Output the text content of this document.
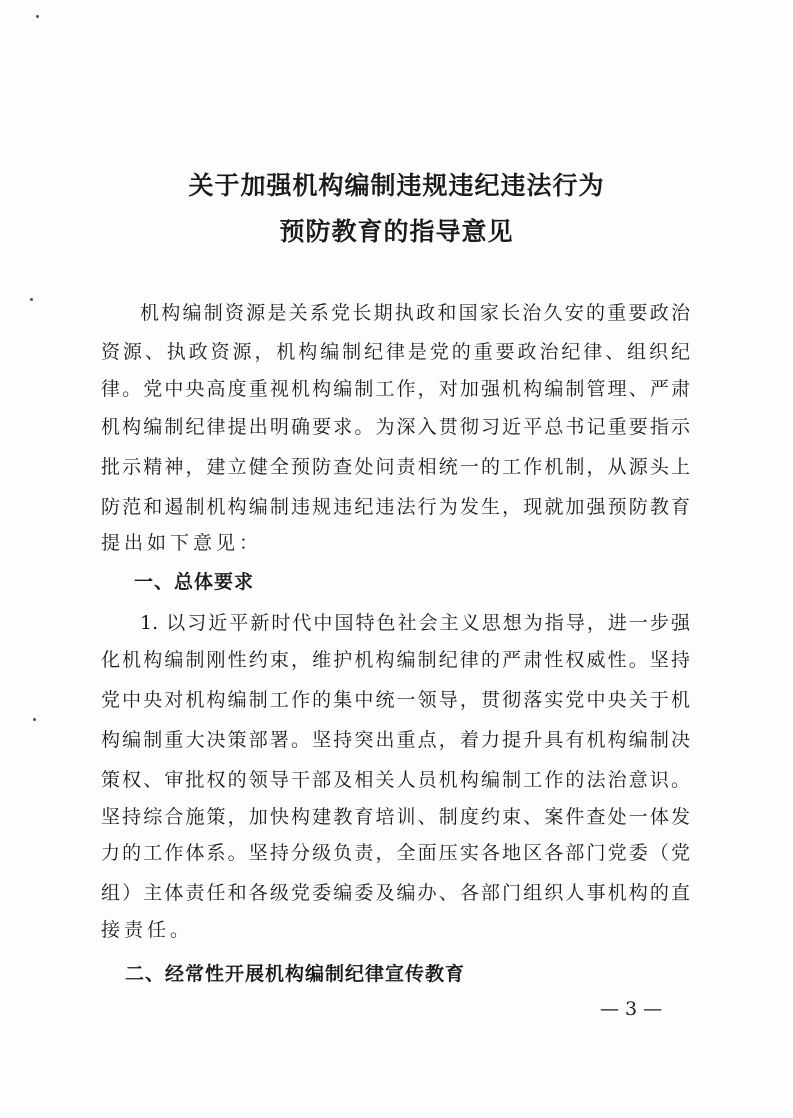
关于加强机构编制违规违纪违法行为
预防教育的指导意见
机构编制资源是关系党长期执政和国家长治久安的重要政治
资源、执政资源，机构编制纪律是党的重要政治纪律、组织纪
律。党中央高度重视机构编制工作，对加强机构编制管理、严肃
机构编制纪律提出明确要求。为深入贯彻习近平总书记重要指示
批示精神，建立健全预防查处问责相统一的工作机制，从源头上
防范和遏制机构编制违规违纪违法行为发生，现就加强预防教育
提出如下意见：
一、总体要求
1. 以习近平新时代中国特色社会主义思想为指导，进一步强
化机构编制刚性约束，维护机构编制纪律的严肃性权威性。坚持
党中央对机构编制工作的集中统一领导，贯彻落实党中央关于机
构编制重大决策部署。坚持突出重点，着力提升具有机构编制决
策权、审批权的领导干部及相关人员机构编制工作的法治意识。
坚持综合施策，加快构建教育培训、制度约束、案件查处一体发
力的工作体系。坚持分级负责，全面压实各地区各部门党委（党
组）主体责任和各级党委编委及编办、各部门组织人事机构的直
接责任。
二、经常性开展机构编制纪律宣传教育
— 3 —
